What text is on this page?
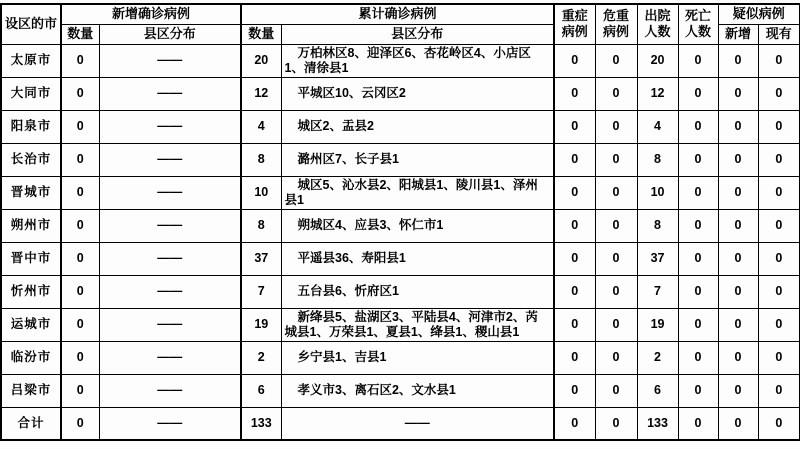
设区的市	新增确诊病例		累计确诊病例		重症病例	危重病例	出院人数	死亡人数	疑似病例	
	数量	县区分布	数量	县区分布					新增	现有
太原市	0	——	20	万柏林区8、迎泽区6、杏花岭区4、小店区1、清徐县1	0	0	20	0	0	0
大同市	0	——	12	平城区10、云冈区2	0	0	12	0	0	0
阳泉市	0	——	4	城区2、盂县2	0	0	4	0	0	0
长治市	0	——	8	潞州区7、长子县1	0	0	8	0	0	0
晋城市	0	——	10	城区5、沁水县2、阳城县1、陵川县1、泽州县1	0	0	10	0	0	0
朔州市	0	——	8	朔城区4、应县3、怀仁市1	0	0	8	0	0	0
晋中市	0	——	37	平遥县36、寿阳县1	0	0	37	0	0	0
忻州市	0	——	7	五台县6、忻府区1	0	0	7	0	0	0
运城市	0	——	19	新绛县5、盐湖区3、平陆县4、河津市2、芮城县1、万荣县1、夏县1、绛县1、稷山县1	0	0	19	0	0	0
临汾市	0	——	2	乡宁县1、吉县1	0	0	2	0	0	0
吕梁市	0	——	6	孝义市3、离石区2、文水县1	0	0	6	0	0	0
合计	0	——	133	——	0	0	133	0	0	0
